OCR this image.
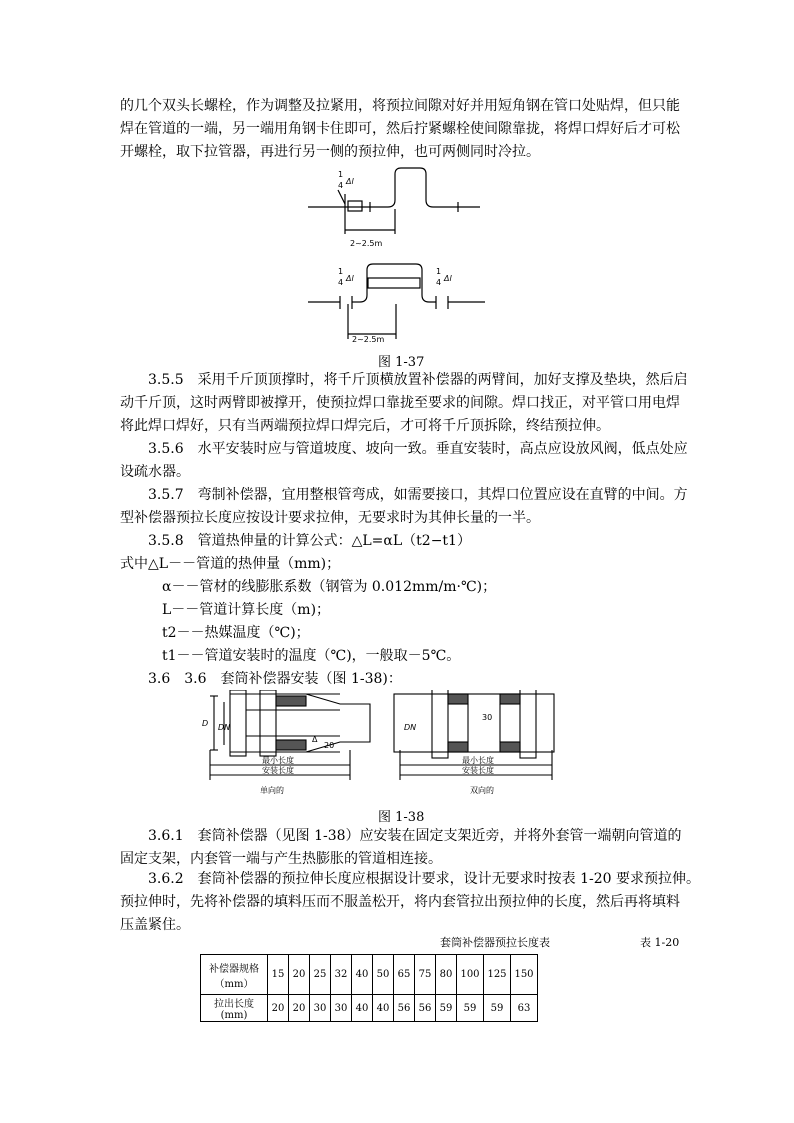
的几个双头长螺栓，作为调整及拉紧用，将预拉间隙对好并用短角钢在管口处贴焊，但只能
焊在管道的一端，另一端用角钢卡住即可，然后拧紧螺栓使间隙靠拢，将焊口焊好后才可松
开螺栓，取下拉管器，再进行另一侧的预拉伸，也可两侧同时冷拉。
1
4 Δl
2~2.5m
1
4 Δl
1
4 Δl
2~2.5m
图 1-37
3.5.5　采用千斤顶顶撑时，将千斤顶横放置补偿器的两臂间，加好支撑及垫块，然后启
动千斤顶，这时两臂即被撑开，使预拉焊口靠拢至要求的间隙。焊口找正，对平管口用电焊
将此焊口焊好，只有当两端预拉焊口焊完后，才可将千斤顶拆除，终结预拉伸。
3.5.6　水平安装时应与管道坡度、坡向一致。垂直安装时，高点应设放风阀，低点处应
设疏水器。
3.5.7　弯制补偿器，宜用整根管弯成，如需要接口，其焊口位置应设在直臂的中间。方
型补偿器预拉长度应按设计要求拉伸，无要求时为其伸长量的一半。
3.5.8　管道热伸量的计算公式：△L=αL（t2−t1）
式中△L－－管道的热伸量（mm)；
α－－管材的线膨胀系数（钢管为 0.012mm/m·℃)；
L－－管道计算长度（m)；
t2－－热媒温度（℃)；
t1－－管道安装时的温度（℃)，一般取－5℃。
3.6　3.6　套筒补偿器安装（图 1-38)：
D DN
Δ
20
最小长度
安装长度
DN
30
最小长度
安装长度
单向的	双向的
图 1-38
3.6.1　套筒补偿器（见图 1-38）应安装在固定支架近旁，并将外套管一端朝向管道的
固定支架，内套管一端与产生热膨胀的管道相连接。
3.6.2　套筒补偿器的预拉伸长度应根据设计要求，设计无要求时按表 1-20 要求预拉伸。
预拉伸时，先将补偿器的填料压而不服盖松开，将内套管拉出预拉伸的长度，然后再将填料
压盖紧住。
套筒补偿器预拉长度表	表 1-20
补偿器规格（mm）	15	20	25	32	40	50	65	75	80	100	125	150
拉出长度(mm)	20	20	30	30	40	40	56	56	59	59	59	63
